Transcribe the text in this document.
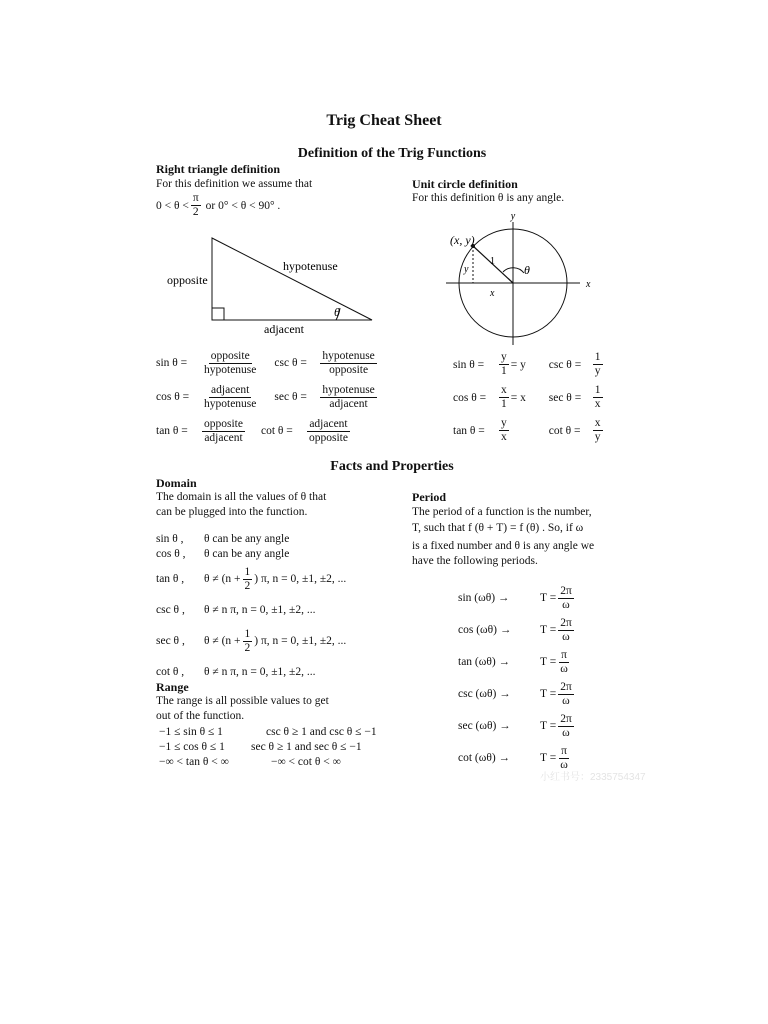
Trig Cheat Sheet
Definition of the Trig Functions
Right triangle definition
For this definition we assume that
$0 < \theta < \frac{\pi}{2}$ or 0° < θ < 90° .
hypotenuse
opposite
adjacent
θ
sin θ =	$\frac{\text{opposite}}{\text{hypotenuse}}$ csc θ =	$\frac{\text{hypotenuse}}{\text{opposite}}$
cos θ =	$\frac{\text{adjacent}}{\text{hypotenuse}}$ sec θ =	$\frac{\text{hypotenuse}}{\text{adjacent}}$
tan θ =	$\frac{\text{opposite}}{\text{adjacent}}$ cot θ =	$\frac{\text{adjacent}}{\text{opposite}}$
Unit circle definition
For this definition θ is any angle.
y
x
(x, y)
y
x
1
θ
sin θ =	$\frac{y}{1} = y$	csc θ =	$\frac{1}{y}$
cos θ =	$\frac{x}{1} = x$	sec θ =	$\frac{1}{x}$
tan θ =	$\frac{y}{x}$	cot θ =	$\frac{x}{y}$
Facts and Properties
Domain
The domain is all the values of θ that
can be plugged into the function.
sin θ ,	θ can be any angle
cos θ ,	θ can be any angle
tan θ ,	$\theta \ne (n + \frac{1}{2}$ ) π, n = 0, ±1, ±2, ...
csc θ ,	θ ≠ n π, n = 0, ±1, ±2, ...
sec θ ,	$\theta \ne (n + \frac{1}{2}$ ) π, n = 0, ±1, ±2, ...
cot θ ,	θ ≠ n π, n = 0, ±1, ±2, ...
Range
The range is all possible values to get
out of the function.
−1 ≤ sin θ ≤ 1	csc θ ≥ 1 and csc θ ≤ −1
−1 ≤ cos θ ≤ 1	sec θ ≥ 1 and sec θ ≤ −1
−∞ < tan θ < ∞	−∞ < cot θ < ∞
Period
The period of a function is the number,
T, such that f (θ + T) = f (θ) . So, if ω
is a fixed number and θ is any angle we
have the following periods.
sin (ωθ) →	$T = \frac{2\pi}{\omega}$
cos (ωθ) →	$T = \frac{2\pi}{\omega}$
tan (ωθ) →	$T = \frac{\pi}{\omega}$
csc (ωθ) →	$T = \frac{2\pi}{\omega}$
sec (ωθ) →	$T = \frac{2\pi}{\omega}$
cot (ωθ) →	$T = \frac{\pi}{\omega}$
小红书号：2335754347
